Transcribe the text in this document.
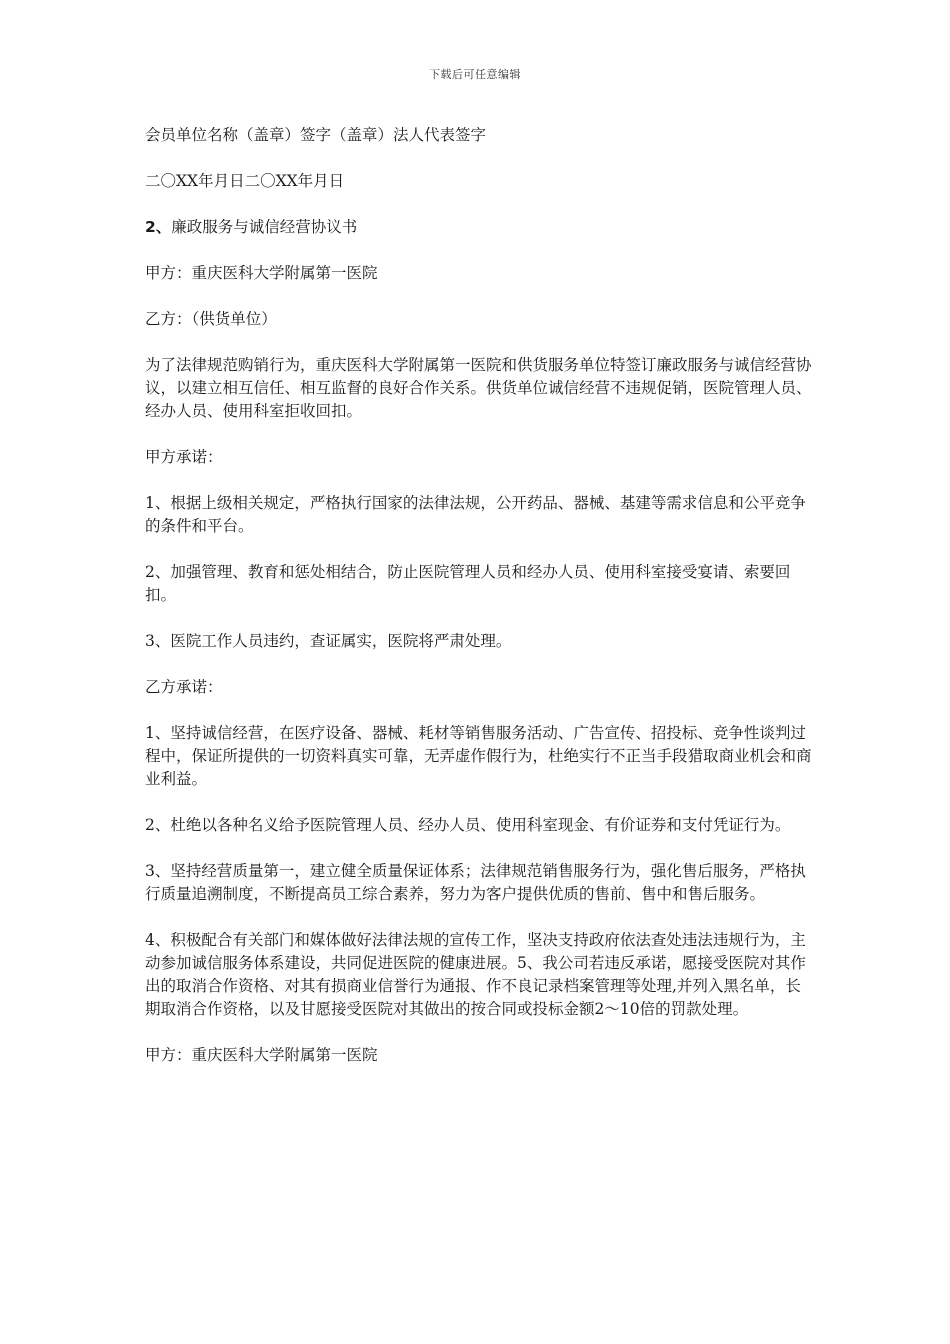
下载后可任意编辑

会员单位名称（盖章）签字（盖章）法人代表签字

二〇XX年月日二〇XX年月日

2、廉政服务与诚信经营协议书

甲方：重庆医科大学附属第一医院

乙方：（供货单位）

为了法律规范购销行为，重庆医科大学附属第一医院和供货服务单位特签订廉政服务与诚信经营协议，以建立相互信任、相互监督的良好合作关系。供货单位诚信经营不违规促销，医院管理人员、经办人员、使用科室拒收回扣。

甲方承诺：

1、根据上级相关规定，严格执行国家的法律法规，公开药品、器械、基建等需求信息和公平竞争的条件和平台。

2、加强管理、教育和惩处相结合，防止医院管理人员和经办人员、使用科室接受宴请、索要回扣。

3、医院工作人员违约，查证属实，医院将严肃处理。

乙方承诺：

1、坚持诚信经营，在医疗设备、器械、耗材等销售服务活动、广告宣传、招投标、竞争性谈判过程中，保证所提供的一切资料真实可靠，无弄虚作假行为，杜绝实行不正当手段猎取商业机会和商业利益。

2、杜绝以各种名义给予医院管理人员、经办人员、使用科室现金、有价证券和支付凭证行为。

3、坚持经营质量第一，建立健全质量保证体系；法律规范销售服务行为，强化售后服务，严格执行质量追溯制度，不断提高员工综合素养，努力为客户提供优质的售前、售中和售后服务。

4、积极配合有关部门和媒体做好法律法规的宣传工作，坚决支持政府依法查处违法违规行为，主动参加诚信服务体系建设，共同促进医院的健康进展。5、我公司若违反承诺，愿接受医院对其作出的取消合作资格、对其有损商业信誉行为通报、作不良记录档案管理等处理,并列入黑名单，长期取消合作资格，以及甘愿接受医院对其做出的按合同或投标金额2～10倍的罚款处理。

甲方：重庆医科大学附属第一医院
